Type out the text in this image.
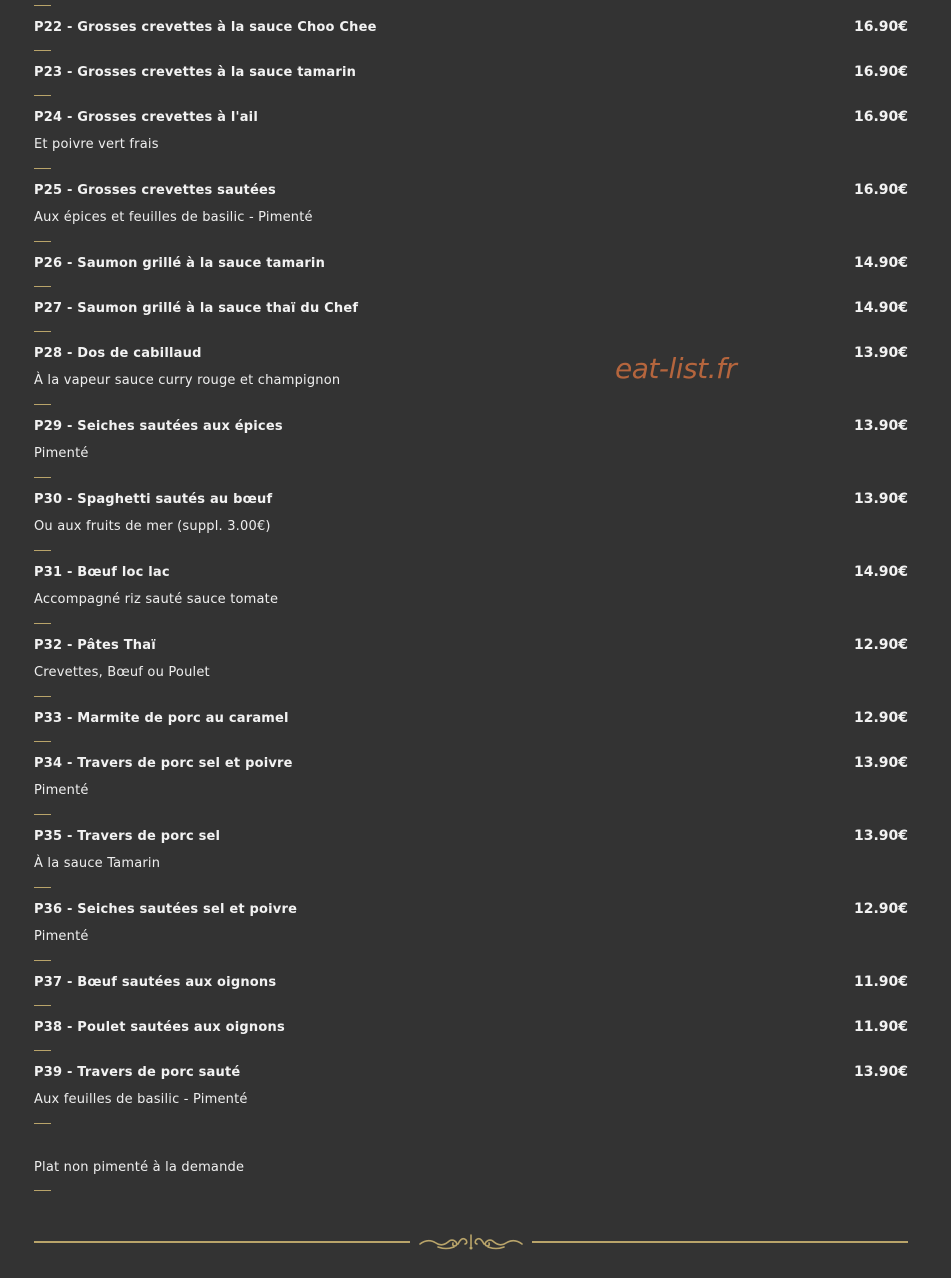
P22 - Grosses crevettes à la sauce Choo Chee	16.90€
P23 - Grosses crevettes à la sauce tamarin	16.90€
P24 - Grosses crevettes à l'ail	16.90€
Et poivre vert frais
P25 - Grosses crevettes sautées	16.90€
Aux épices et feuilles de basilic - Pimenté
P26 - Saumon grillé à la sauce tamarin	14.90€
P27 - Saumon grillé à la sauce thaï du Chef	14.90€
P28 - Dos de cabillaud	13.90€
À la vapeur sauce curry rouge et champignon
P29 - Seiches sautées aux épices	13.90€
Pimenté
P30 - Spaghetti sautés au bœuf	13.90€
Ou aux fruits de mer (suppl. 3.00€)
P31 - Bœuf loc lac	14.90€
Accompagné riz sauté sauce tomate
P32 - Pâtes Thaï	12.90€
Crevettes, Bœuf ou Poulet
P33 - Marmite de porc au caramel	12.90€
P34 - Travers de porc sel et poivre	13.90€
Pimenté
P35 - Travers de porc sel	13.90€
À la sauce Tamarin
P36 - Seiches sautées sel et poivre	12.90€
Pimenté
P37 - Bœuf sautées aux oignons	11.90€
P38 - Poulet sautées aux oignons	11.90€
P39 - Travers de porc sauté	13.90€
Aux feuilles de basilic - Pimenté
Plat non pimenté à la demande
eat-list.fr
